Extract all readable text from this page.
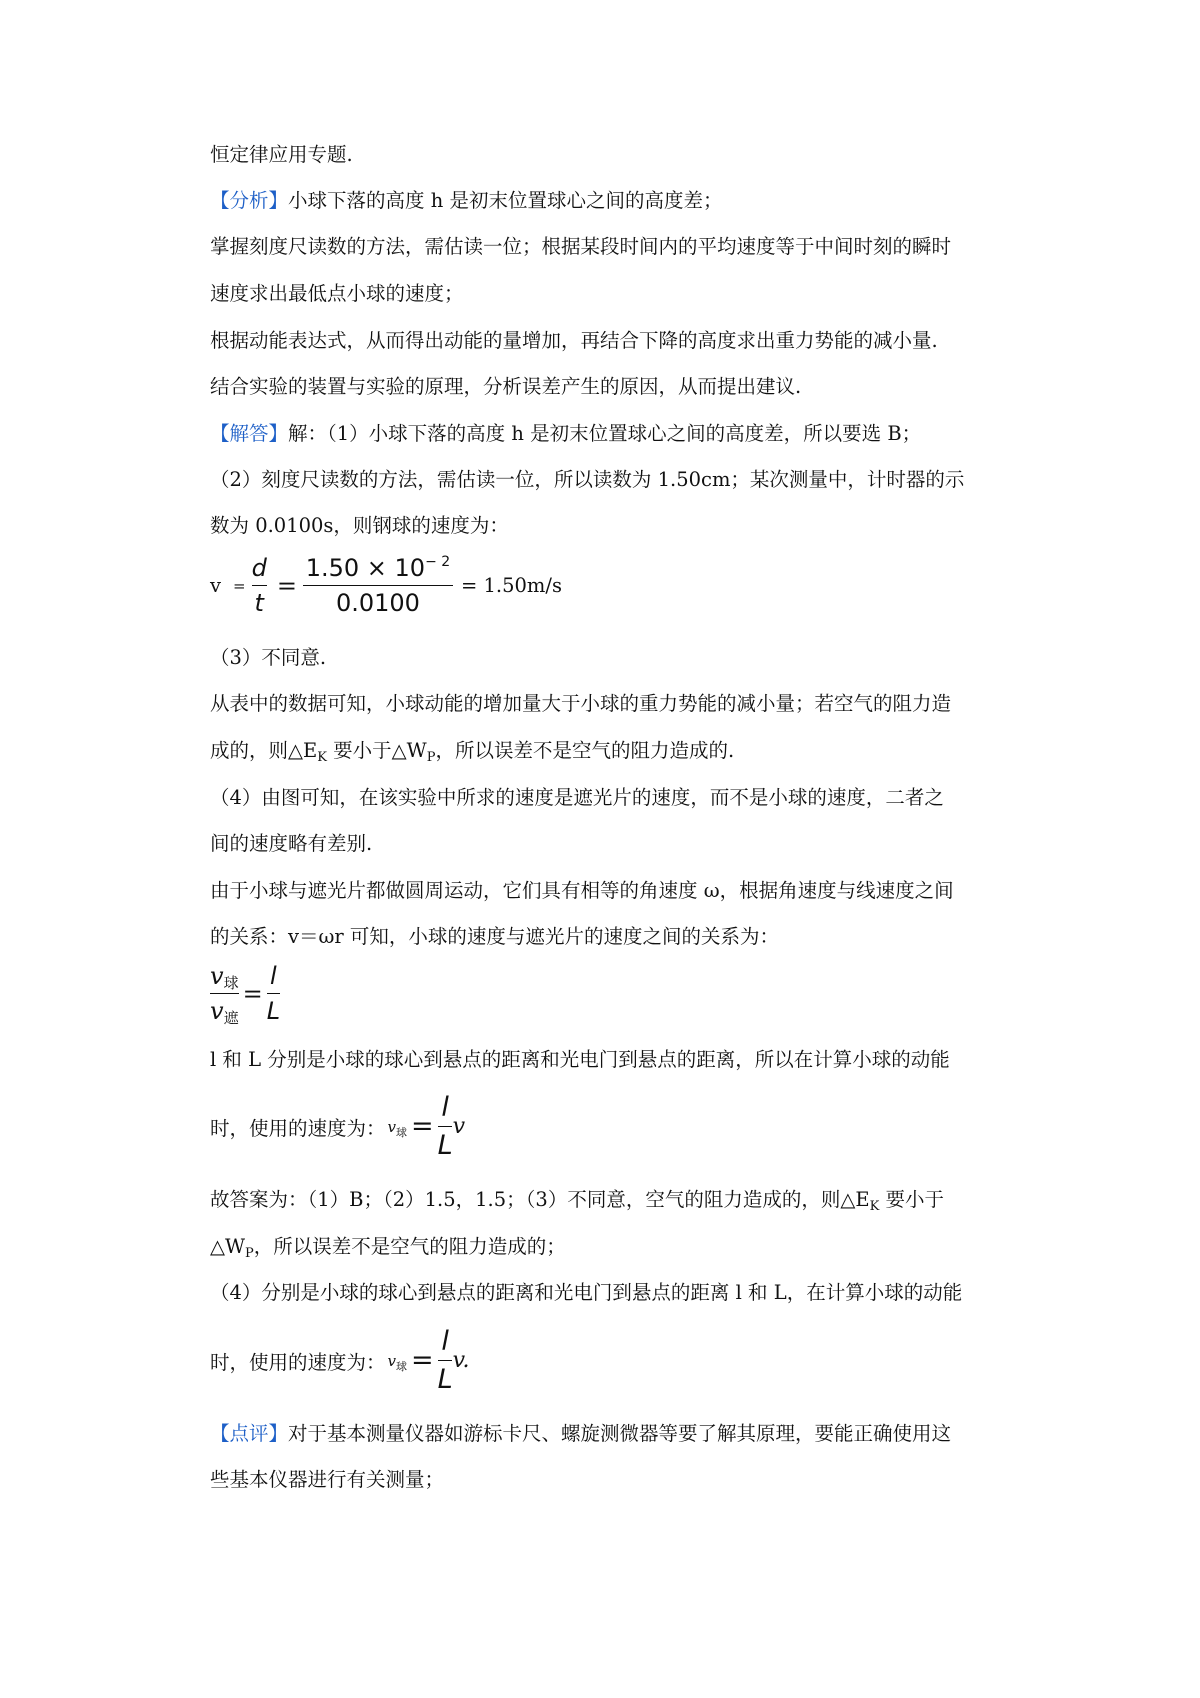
恒定律应用专题.
【分析】小球下落的高度 h 是初末位置球心之间的高度差；
掌握刻度尺读数的方法，需估读一位；根据某段时间内的平均速度等于中间时刻的瞬时
速度求出最低点小球的速度；
根据动能表达式，从而得出动能的量增加，再结合下降的高度求出重力势能的减小量.
结合实验的装置与实验的原理，分析误差产生的原因，从而提出建议.
【解答】解：（1）小球下落的高度 h 是初末位置球心之间的高度差，所以要选 B；
（2）刻度尺读数的方法，需估读一位，所以读数为 1.50cm；某次测量中，计时器的示
数为 0.0100s，则钢球的速度为：
$v = \frac{d}{t} = \frac{1.50 \times 10^{- 2}}{0.0100} = 1.50m/s$
（3）不同意.
从表中的数据可知，小球动能的增加量大于小球的重力势能的减小量；若空气的阻力造
成的，则$\triangle E_K$ 要小于$\triangle W_P$，所以误差不是空气的阻力造成的.
（4）由图可知，在该实验中所求的速度是遮光片的速度，而不是小球的速度，二者之
间的速度略有差别.
由于小球与遮光片都做圆周运动，它们具有相等的角速度 ω，根据角速度与线速度之间
的关系：v＝ωr 可知，小球的速度与遮光片的速度之间的关系为：
$\frac{v_球}{v_遮} = \frac{l}{L}$
l 和 L 分别是小球的球心到悬点的距离和光电门到悬点的距离，所以在计算小球的动能
时，使用的速度为： $v_球 = \frac{l}{L}$ v
故答案为：（1）B；（2）1.5，1.5；（3）不同意，空气的阻力造成的，则$\triangle E_K$ 要小于
$\triangle W_P$，所以误差不是空气的阻力造成的；
（4）分别是小球的球心到悬点的距离和光电门到悬点的距离 l 和 L，在计算小球的动能
时，使用的速度为： $v_球 = \frac{l}{L} v$.
【点评】对于基本测量仪器如游标卡尺、螺旋测微器等要了解其原理，要能正确使用这
些基本仪器进行有关测量；
